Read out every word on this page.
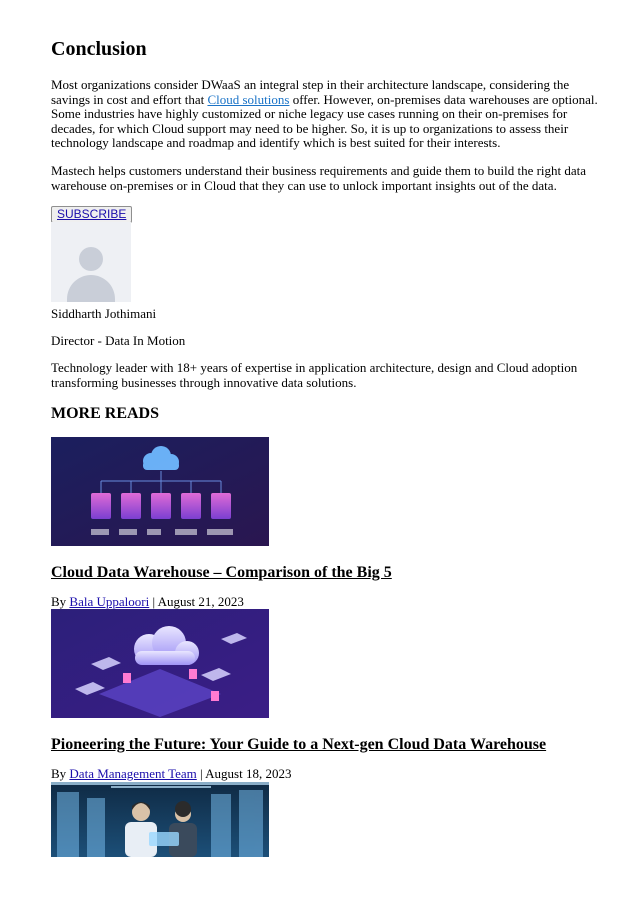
Conclusion

Most organizations consider DWaaS an integral step in their architecture landscape, considering the savings in cost and effort that Cloud solutions offer. However, on-premises data warehouses are optional. Some industries have highly customized or niche legacy use cases running on their on-premises for decades, for which Cloud support may need to be higher. So, it is up to organizations to assess their technology landscape and roadmap and identify which is best suited for their interests.

Mastech helps customers understand their business requirements and guide them to build the right data warehouse on-premises or in Cloud that they can use to unlock important insights out of the data.

SUBSCRIBE

Siddharth Jothimani

Director - Data In Motion

Technology leader with 18+ years of expertise in application architecture, design and Cloud adoption transforming businesses through innovative data solutions.

MORE READS
Cloud Data Warehouse – Comparison of the Big 5

By Bala Uppaloori | August 21, 2023

Pioneering the Future: Your Guide to a Next-gen Cloud Data Warehouse

By Data Management Team | August 18, 2023
